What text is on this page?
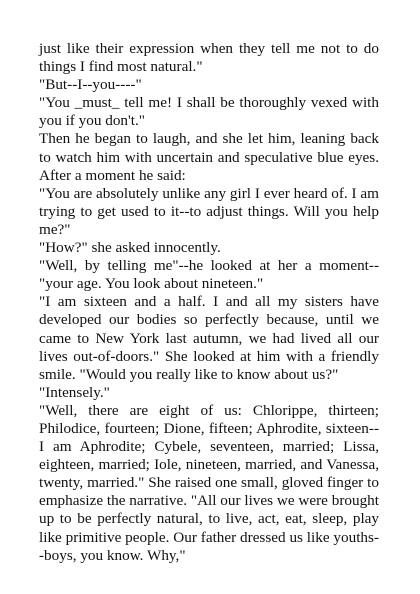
just like their expression when they tell me not to do things I find most natural."

"But--I--you----"

"You _must_ tell me! I shall be thoroughly vexed with you if you don't."

Then he began to laugh, and she let him, leaning back to watch him with uncertain and speculative blue eyes. After a moment he said:

"You are absolutely unlike any girl I ever heard of. I am trying to get used to it--to adjust things. Will you help me?"

"How?" she asked innocently.

"Well, by telling me"--he looked at her a moment--"your age. You look about nineteen."

"I am sixteen and a half. I and all my sisters have developed our bodies so perfectly because, until we came to New York last autumn, we had lived all our lives out-of-doors." She looked at him with a friendly smile. "Would you really like to know about us?"

"Intensely."

"Well, there are eight of us: Chlorippe, thirteen; Philodice, fourteen; Dione, fifteen; Aphrodite, sixteen--I am Aphrodite; Cybele, seventeen, married; Lissa, eighteen, married; Iole, nineteen, married, and Vanessa, twenty, married." She raised one small, gloved finger to emphasize the narrative. "All our lives we were brought up to be perfectly natural, to live, act, eat, sleep, play like primitive people. Our father dressed us like youths--boys, you know. Why,"
